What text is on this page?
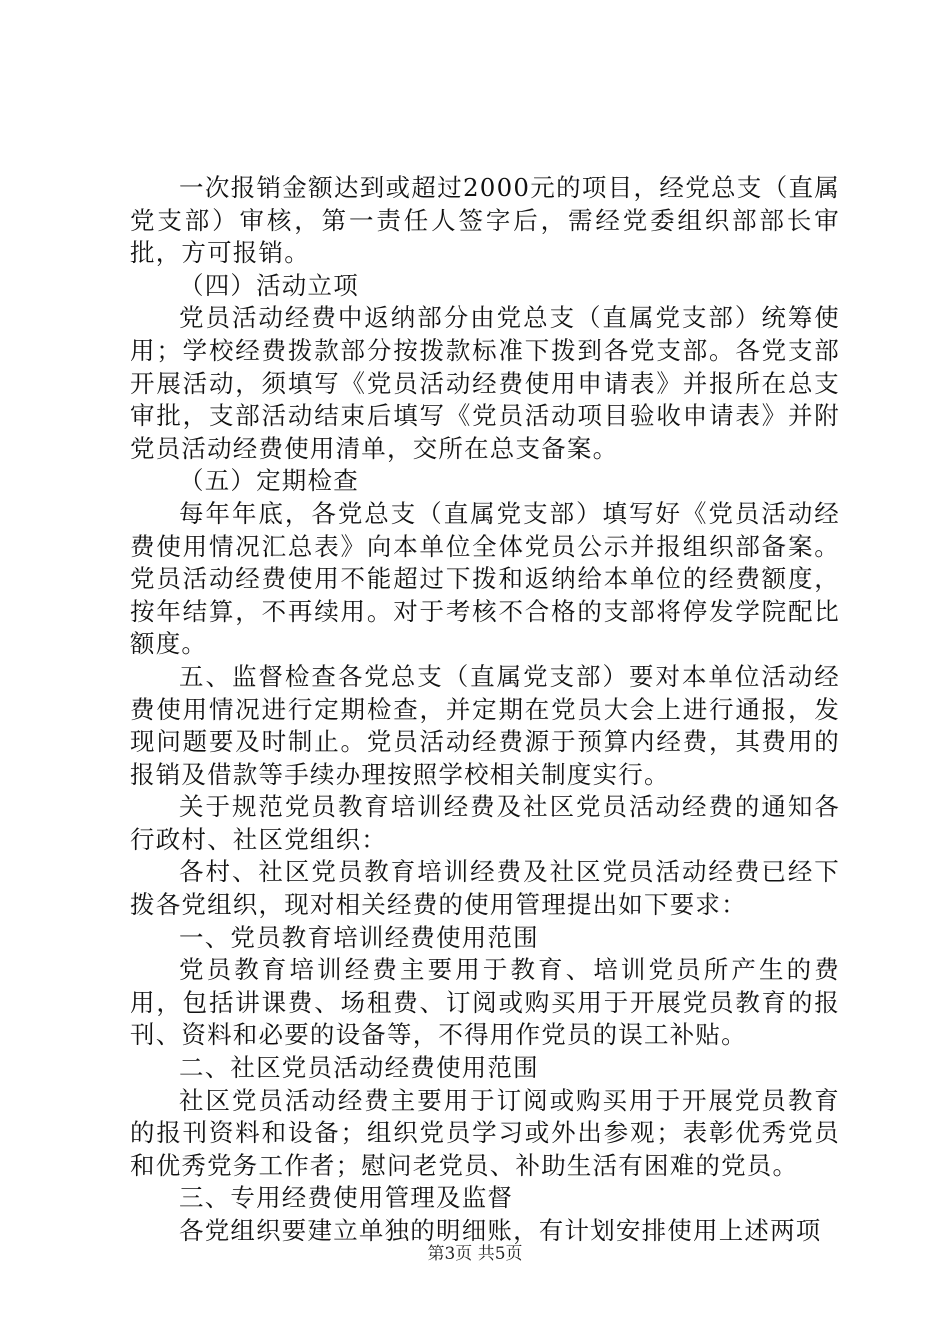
一次报销金额达到或超过2000元的项目，经党总支（直属党支部）审核，第一责任人签字后，需经党委组织部部长审批，方可报销。

（四）活动立项

党员活动经费中返纳部分由党总支（直属党支部）统筹使用；学校经费拨款部分按拨款标准下拨到各党支部。各党支部开展活动，须填写《党员活动经费使用申请表》并报所在总支审批，支部活动结束后填写《党员活动项目验收申请表》并附党员活动经费使用清单，交所在总支备案。

（五）定期检查

每年年底，各党总支（直属党支部）填写好《党员活动经费使用情况汇总表》向本单位全体党员公示并报组织部备案。党员活动经费使用不能超过下拨和返纳给本单位的经费额度，按年结算，不再续用。对于考核不合格的支部将停发学院配比额度。

五、监督检查各党总支（直属党支部）要对本单位活动经费使用情况进行定期检查，并定期在党员大会上进行通报，发现问题要及时制止。党员活动经费源于预算内经费，其费用的报销及借款等手续办理按照学校相关制度实行。

关于规范党员教育培训经费及社区党员活动经费的通知各行政村、社区党组织：

各村、社区党员教育培训经费及社区党员活动经费已经下拨各党组织，现对相关经费的使用管理提出如下要求：

一、党员教育培训经费使用范围

党员教育培训经费主要用于教育、培训党员所产生的费用，包括讲课费、场租费、订阅或购买用于开展党员教育的报刊、资料和必要的设备等，不得用作党员的误工补贴。

二、社区党员活动经费使用范围

社区党员活动经费主要用于订阅或购买用于开展党员教育的报刊资料和设备；组织党员学习或外出参观；表彰优秀党员和优秀党务工作者；慰问老党员、补助生活有困难的党员。

三、专用经费使用管理及监督

各党组织要建立单独的明细账，有计划安排使用上述两项

第3页 共5页
